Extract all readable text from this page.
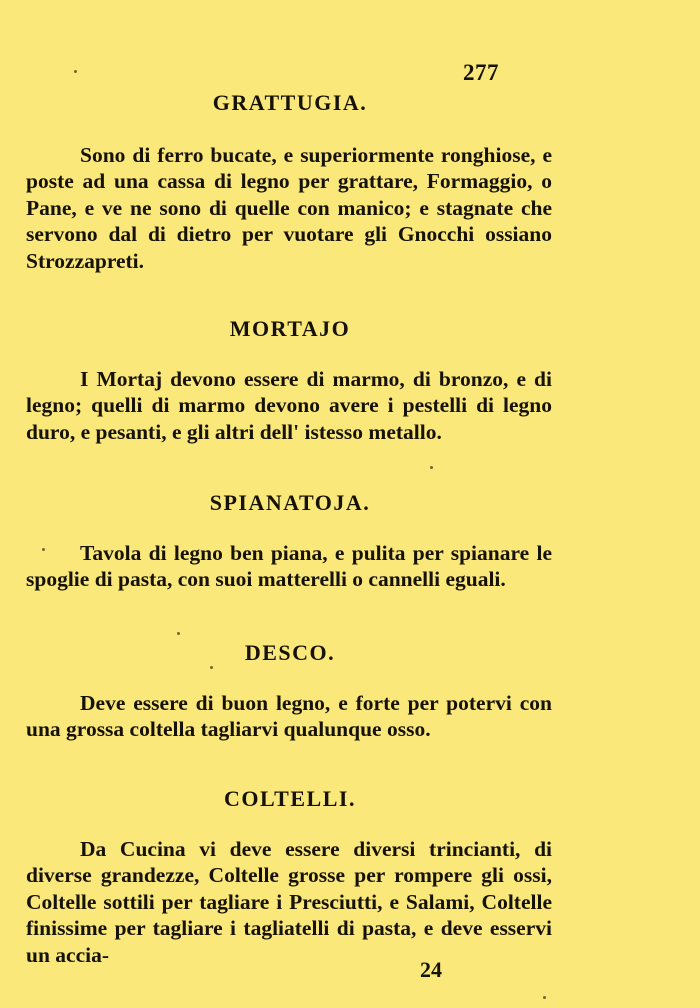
277
GRATTUGIA.

Sono di ferro bucate, e superiormente ronghiose, e poste ad una cassa di legno per grattare, Formaggio, o Pane, e ve ne sono di quelle con manico; e stagnate che servono dal di dietro per vuotare gli Gnocchi ossiano Strozzapreti.

MORTAJO

I Mortaj devono essere di marmo, di bronzo, e di legno; quelli di marmo devono avere i pestelli di legno duro, e pesanti, e gli altri dell' istesso metallo.

SPIANATOJA.

Tavola di legno ben piana, e pulita per spianare le spoglie di pasta, con suoi matterelli o cannelli eguali.

DESCO.

Deve essere di buon legno, e forte per potervi con una grossa coltella tagliarvi qualunque osso.

COLTELLI.

Da Cucina vi deve essere diversi trincianti, di diverse grandezze, Coltelle grosse per rompere gli ossi, Coltelle sottili per tagliare i Presciutti, e Salami, Coltelle finissime per tagliare i tagliatelli di pasta, e deve esservi un accia-

24
